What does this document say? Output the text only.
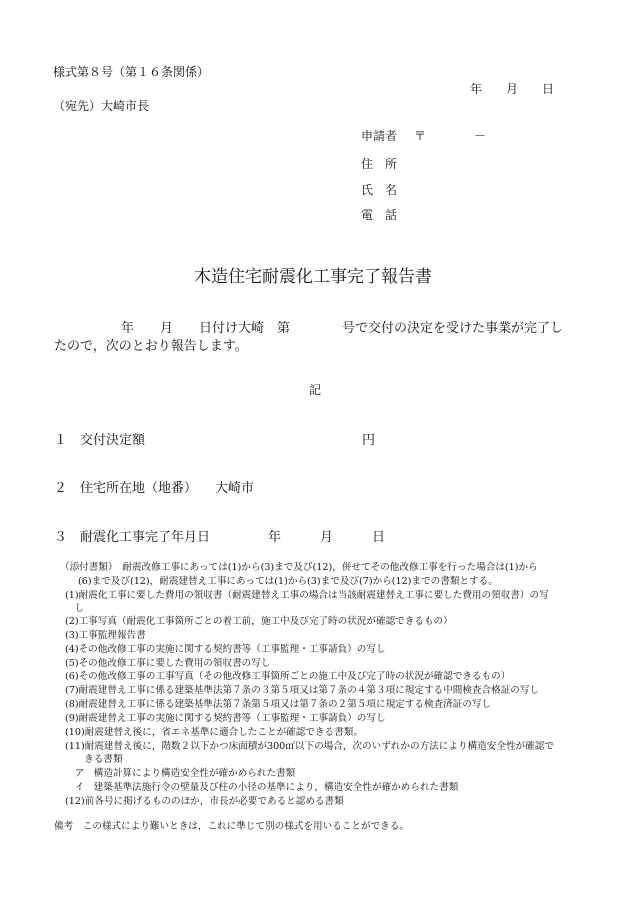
様式第８号（第１６条関係）
年　　月　　日
（宛先）大崎市長
申請者 〒　　　　－
住　所
氏　名
電　話
木造住宅耐震化工事完了報告書
年　　月　　日付け大崎　第　　　　号で交付の決定を受けた事業が完了し
たので，次のとおり報告します。
記
１ 交付決定額	円
２ 住宅所在地（地番） 大崎市
３ 耐震化工事完了年月日	年　　　月　　　日
（添付書類）　耐震改修工事にあっては(1)から(3)まで及び(12)，併せてその他改修工事を行った場合は(1)から
(6)まで及び(12)，耐震建替え工事にあっては(1)から(3)まで及び(7)から(12)までの書類とする。
(1)耐震化工事に要した費用の領収書（耐震建替え工事の場合は当該耐震建替え工事に要した費用の領収書）の写
　し
(2)工事写真（耐震化工事箇所ごとの着工前，施工中及び完了時の状況が確認できるもの）
(3)工事監理報告書
(4)その他改修工事の実施に関する契約書等（工事監理・工事請負）の写し
(5)その他改修工事に要した費用の領収書の写し
(6)その他改修工事の工事写真（その他改修工事箇所ごとの施工中及び完了時の状況が確認できるもの）
(7)耐震建替え工事に係る建築基準法第７条の３第５項又は第７条の４第３項に規定する中間検査合格証の写し
(8)耐震建替え工事に係る建築基準法第７条第５項又は第７条の２第５項に規定する検査済証の写し
(9)耐震建替え工事の実施に関する契約書等（工事監理・工事請負）の写し
(10)耐震建替え後に，省エネ基準に適合したことが確認できる書類。
(11)耐震建替え後に，階数２以下かつ床面積が300㎡以下の場合，次のいずれかの方法により構造安全性が確認で
　　きる書類
　ア　構造計算により構造安全性が確かめられた書類
　イ　建築基準法施行令の壁量及び柱の小径の基準により，構造安全性が確かめられた書類
(12)前各号に掲げるもののほか，市長が必要であると認める書類
備考　この様式により難いときは，これに準じて別の様式を用いることができる。
